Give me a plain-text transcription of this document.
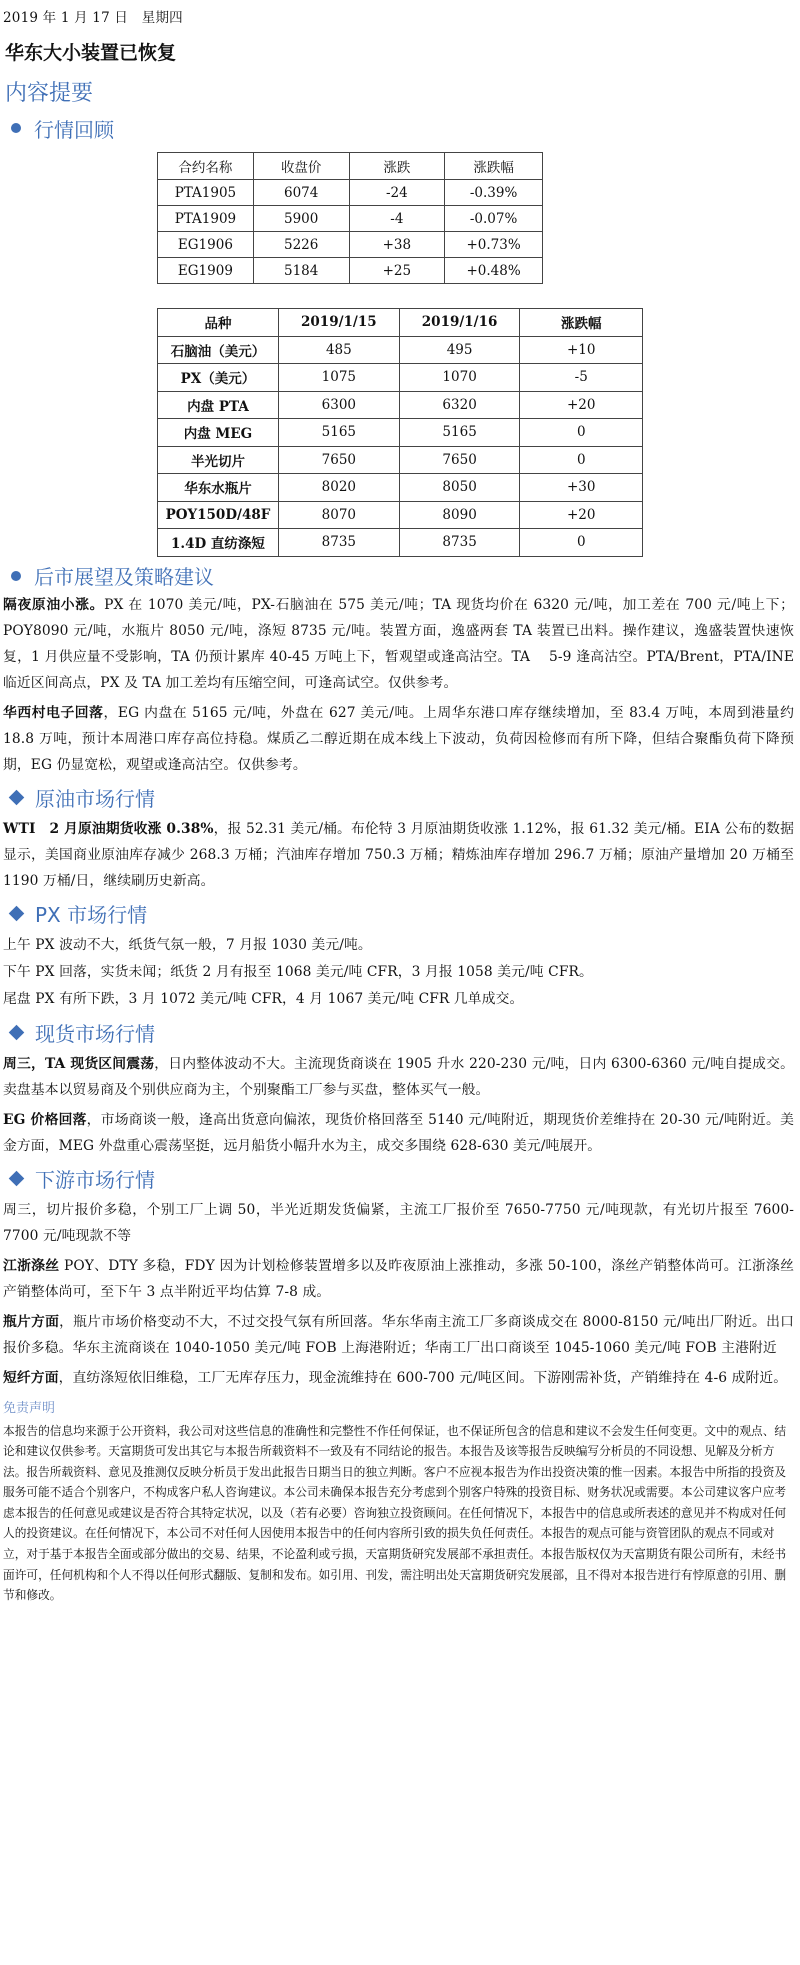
2019 年 1 月 17 日　星期四
华东大小装置已恢复
内容提要
行情回顾
合约名称	收盘价	涨跌	涨跌幅
PTA1905	6074	-24	-0.39%
PTA1909	5900	-4	-0.07%
EG1906	5226	+38	+0.73%
EG1909	5184	+25	+0.48%
品种	2019/1/15	2019/1/16	涨跌幅
石脑油（美元）	485	495	+10
PX（美元）	1075	1070	-5
内盘 PTA	6300	6320	+20
内盘 MEG	5165	5165	0
半光切片	7650	7650	0
华东水瓶片	8020	8050	+30
POY150D/48F	8070	8090	+20
1.4D 直纺涤短	8735	8735	0
后市展望及策略建议
隔夜原油小涨。PX 在 1070 美元/吨，PX-石脑油在 575 美元/吨；TA 现货均价在 6320 元/吨，加工差在 700 元/吨上下；POY8090 元/吨，水瓶片 8050 元/吨，涤短 8735 元/吨。装置方面，逸盛两套 TA 装置已出料。操作建议，逸盛装置快速恢复，1 月供应量不受影响，TA 仍预计累库 40-45 万吨上下，暂观望或逢高沽空。TA　 5-9 逢高沽空。PTA/Brent，PTA/INE 临近区间高点，PX 及 TA 加工差均有压缩空间，可逢高试空。仅供参考。
华西村电子回落，EG 内盘在 5165 元/吨，外盘在 627 美元/吨。上周华东港口库存继续增加，至 83.4 万吨，本周到港量约 18.8 万吨，预计本周港口库存高位持稳。煤质乙二醇近期在成本线上下波动，负荷因检修而有所下降，但结合聚酯负荷下降预期，EG 仍显宽松，观望或逢高沽空。仅供参考。
原油市场行情
WTI　2 月原油期货收涨 0.38%，报 52.31 美元/桶。布伦特 3 月原油期货收涨 1.12%，报 61.32 美元/桶。EIA 公布的数据显示，美国商业原油库存减少 268.3 万桶；汽油库存增加 750.3 万桶；精炼油库存增加 296.7 万桶；原油产量增加 20 万桶至 1190 万桶/日，继续刷历史新高。
PX 市场行情
上午 PX 波动不大，纸货气氛一般，7 月报 1030 美元/吨。
下午 PX 回落，实货未闻；纸货 2 月有报至 1068 美元/吨 CFR，3 月报 1058 美元/吨 CFR。
尾盘 PX 有所下跌，3 月 1072 美元/吨 CFR，4 月 1067 美元/吨 CFR 几单成交。
现货市场行情
周三，TA 现货区间震荡，日内整体波动不大。主流现货商谈在 1905 升水 220-230 元/吨，日内 6300-6360 元/吨自提成交。卖盘基本以贸易商及个别供应商为主，个别聚酯工厂参与买盘，整体买气一般。
EG 价格回落，市场商谈一般，逢高出货意向偏浓，现货价格回落至 5140 元/吨附近，期现货价差维持在 20-30 元/吨附近。美金方面，MEG 外盘重心震荡坚挺，远月船货小幅升水为主，成交多围绕 628-630 美元/吨展开。
下游市场行情
周三，切片报价多稳，个别工厂上调 50，半光近期发货偏紧，主流工厂报价至 7650-7750 元/吨现款，有光切片报至 7600-7700 元/吨现款不等
江浙涤丝 POY、DTY 多稳，FDY 因为计划检修装置增多以及昨夜原油上涨推动，多涨 50-100，涤丝产销整体尚可。江浙涤丝产销整体尚可，至下午 3 点半附近平均估算 7-8 成。
瓶片方面，瓶片市场价格变动不大，不过交投气氛有所回落。华东华南主流工厂多商谈成交在 8000-8150 元/吨出厂附近。出口报价多稳。华东主流商谈在 1040-1050 美元/吨 FOB 上海港附近；华南工厂出口商谈至 1045-1060 美元/吨 FOB 主港附近
短纤方面，直纺涤短依旧维稳，工厂无库存压力，现金流维持在 600-700 元/吨区间。下游刚需补货，产销维持在 4-6 成附近。
免责声明
本报告的信息均来源于公开资料，我公司对这些信息的准确性和完整性不作任何保证，也不保证所包含的信息和建议不会发生任何变更。文中的观点、结论和建议仅供参考。天富期货可发出其它与本报告所载资料不一致及有不同结论的报告。本报告及该等报告反映编写分析员的不同设想、见解及分析方法。报告所载资料、意见及推测仅反映分析员于发出此报告日期当日的独立判断。客户不应视本报告为作出投资决策的惟一因素。本报告中所指的投资及服务可能不适合个别客户，不构成客户私人咨询建议。本公司未确保本报告充分考虑到个别客户特殊的投资目标、财务状况或需要。本公司建议客户应考虑本报告的任何意见或建议是否符合其特定状况，以及（若有必要）咨询独立投资顾问。在任何情况下，本报告中的信息或所表述的意见并不构成对任何人的投资建议。在任何情况下，本公司不对任何人因使用本报告中的任何内容所引致的损失负任何责任。本报告的观点可能与资管团队的观点不同或对立，对于基于本报告全面或部分做出的交易、结果，不论盈利或亏损，天富期货研究发展部不承担责任。本报告版权仅为天富期货有限公司所有，未经书面许可，任何机构和个人不得以任何形式翻版、复制和发布。如引用、刊发，需注明出处天富期货研究发展部，且不得对本报告进行有悖原意的引用、删节和修改。
